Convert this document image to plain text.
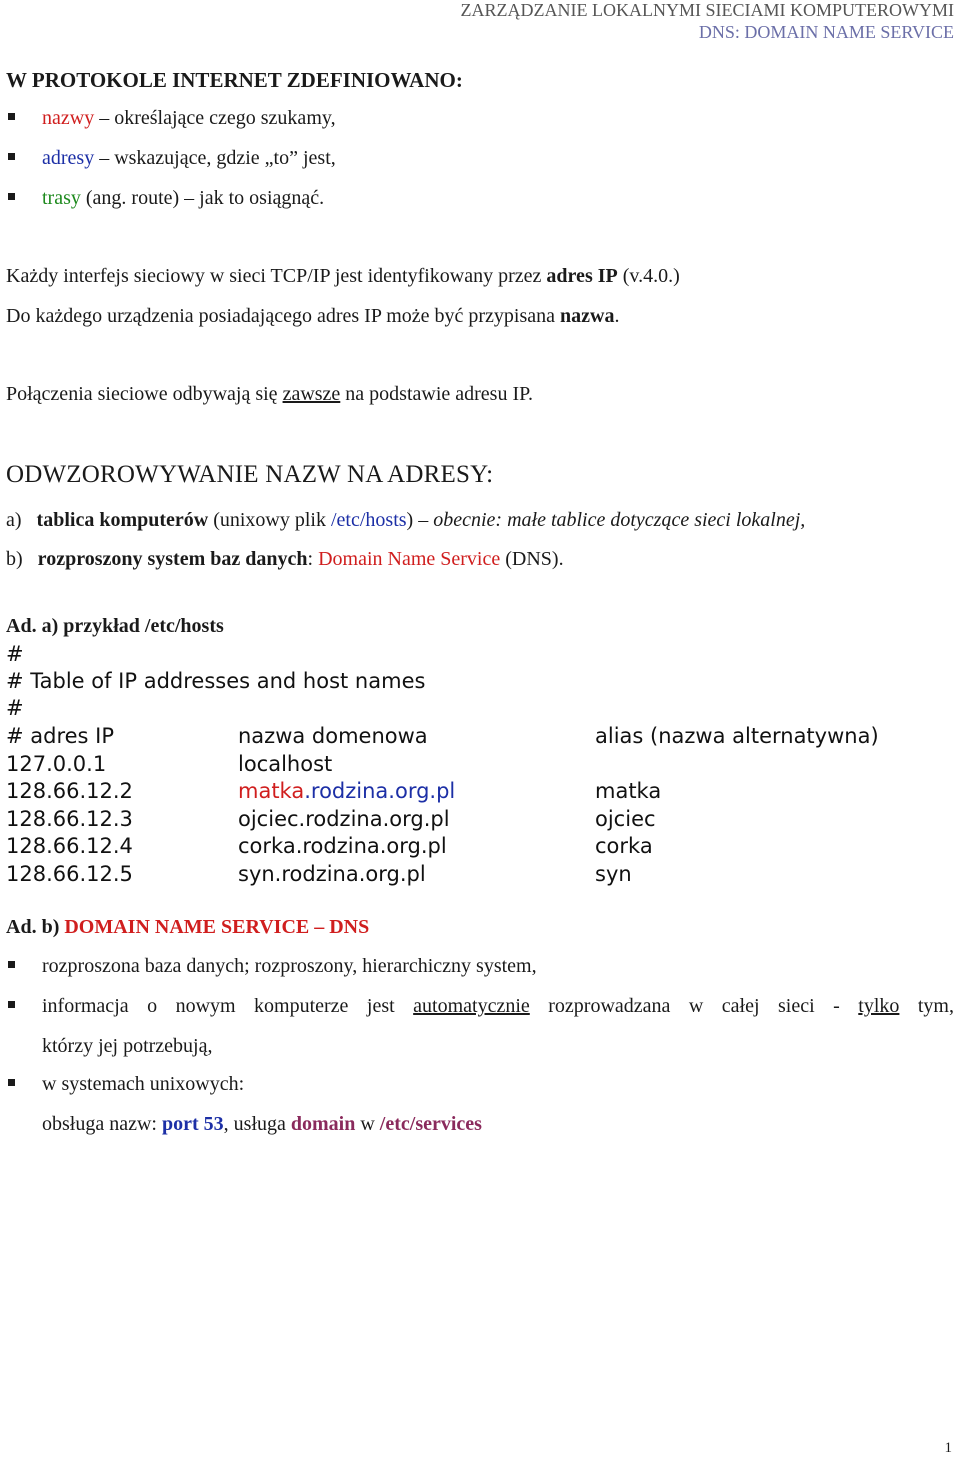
ZARZĄDZANIE LOKALNYMI SIECIAMI KOMPUTEROWYMI
DNS: DOMAIN NAME SERVICE
W PROTOKOLE INTERNET ZDEFINIOWANO:
nazwy – określające czego szukamy,
adresy – wskazujące, gdzie „to” jest,
trasy (ang. route) – jak to osiągnąć.
Każdy interfejs sieciowy w sieci TCP/IP jest identyfikowany przez adres IP (v.4.0.)
Do każdego urządzenia posiadającego adres IP może być przypisana nazwa.
Połączenia sieciowe odbywają się zawsze na podstawie adresu IP.
ODWZOROWYWANIE NAZW NA ADRESY:
a) tablica komputerów (unixowy plik /etc/hosts) – obecnie: małe tablice dotyczące sieci lokalnej,
b) rozproszony system baz danych: Domain Name Service (DNS).
Ad. a) przykład /etc/hosts
#
# Table of IP addresses and host names
#
# adres IP	nazwa domenowa	alias (nazwa alternatywna)
127.0.0.1	localhost
128.66.12.2	matka.rodzina.org.pl	matka
128.66.12.3	ojciec.rodzina.org.pl	ojciec
128.66.12.4	corka.rodzina.org.pl	corka
128.66.12.5	syn.rodzina.org.pl	syn
Ad. b) DOMAIN NAME SERVICE – DNS
rozproszona baza danych; rozproszony, hierarchiczny system,
informacja o nowym komputerze jest automatycznie rozprowadzana w całej sieci - tylko tym,
którzy jej potrzebują,
w systemach unixowych:
obsługa nazw: port 53, usługa domain w /etc/services
1
